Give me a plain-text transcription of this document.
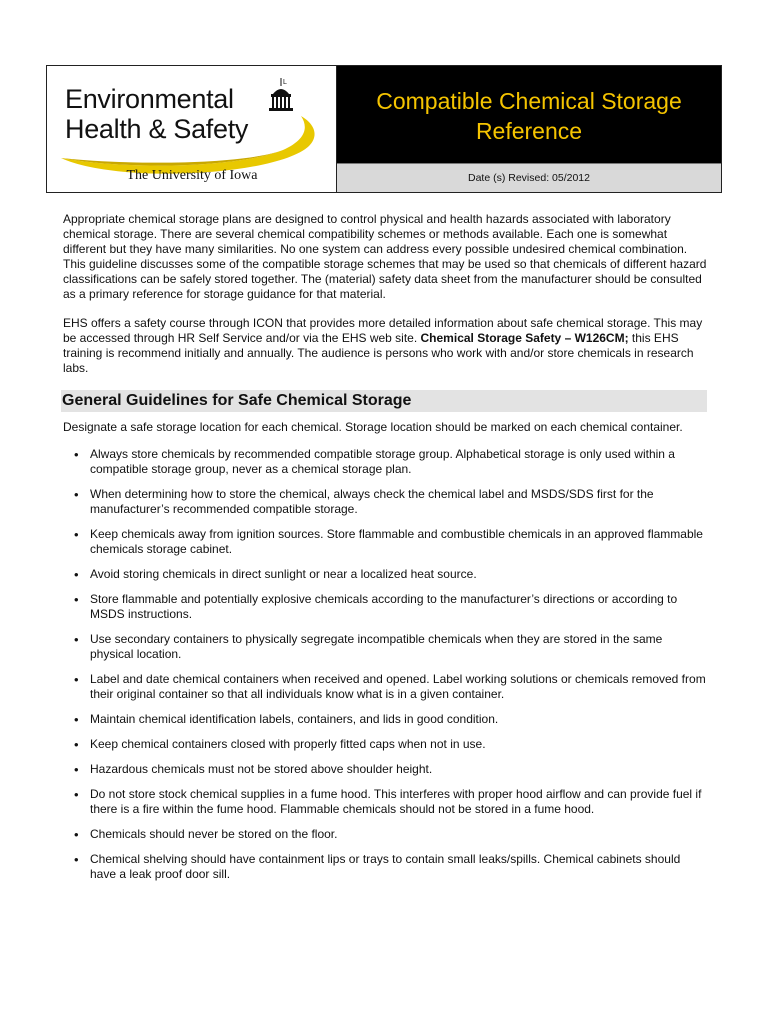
L
Environmental
Health & Safety
The University of Iowa
Compatible Chemical Storage
Reference
Date (s) Revised: 05/2012

Appropriate chemical storage plans are designed to control physical and health hazards associated with laboratory chemical storage. There are several chemical compatibility schemes or methods available. Each one is somewhat different but they have many similarities. No one system can address every possible undesired chemical combination. This guideline discusses some of the compatible storage schemes that may be used so that chemicals of different hazard classifications can be safely stored together. The (material) safety data sheet from the manufacturer should be consulted as a primary reference for storage guidance for that material.

EHS offers a safety course through ICON that provides more detailed information about safe chemical storage. This may be accessed through HR Self Service and/or via the EHS web site. Chemical Storage Safety – W126CM; this EHS training is recommend initially and annually. The audience is persons who work with and/or store chemicals in research labs.

General Guidelines for Safe Chemical Storage

Designate a safe storage location for each chemical. Storage location should be marked on each chemical container.

• Always store chemicals by recommended compatible storage group. Alphabetical storage is only used within a compatible storage group, never as a chemical storage plan.
• When determining how to store the chemical, always check the chemical label and MSDS/SDS first for the manufacturer’s recommended compatible storage.
• Keep chemicals away from ignition sources. Store flammable and combustible chemicals in an approved flammable chemicals storage cabinet.
• Avoid storing chemicals in direct sunlight or near a localized heat source.
• Store flammable and potentially explosive chemicals according to the manufacturer’s directions or according to MSDS instructions.
• Use secondary containers to physically segregate incompatible chemicals when they are stored in the same physical location.
• Label and date chemical containers when received and opened. Label working solutions or chemicals removed from their original container so that all individuals know what is in a given container.
• Maintain chemical identification labels, containers, and lids in good condition.
• Keep chemical containers closed with properly fitted caps when not in use.
• Hazardous chemicals must not be stored above shoulder height.
• Do not store stock chemical supplies in a fume hood. This interferes with proper hood airflow and can provide fuel if there is a fire within the fume hood. Flammable chemicals should not be stored in a fume hood.
• Chemicals should never be stored on the floor.
• Chemical shelving should have containment lips or trays to contain small leaks/spills. Chemical cabinets should have a leak proof door sill.
